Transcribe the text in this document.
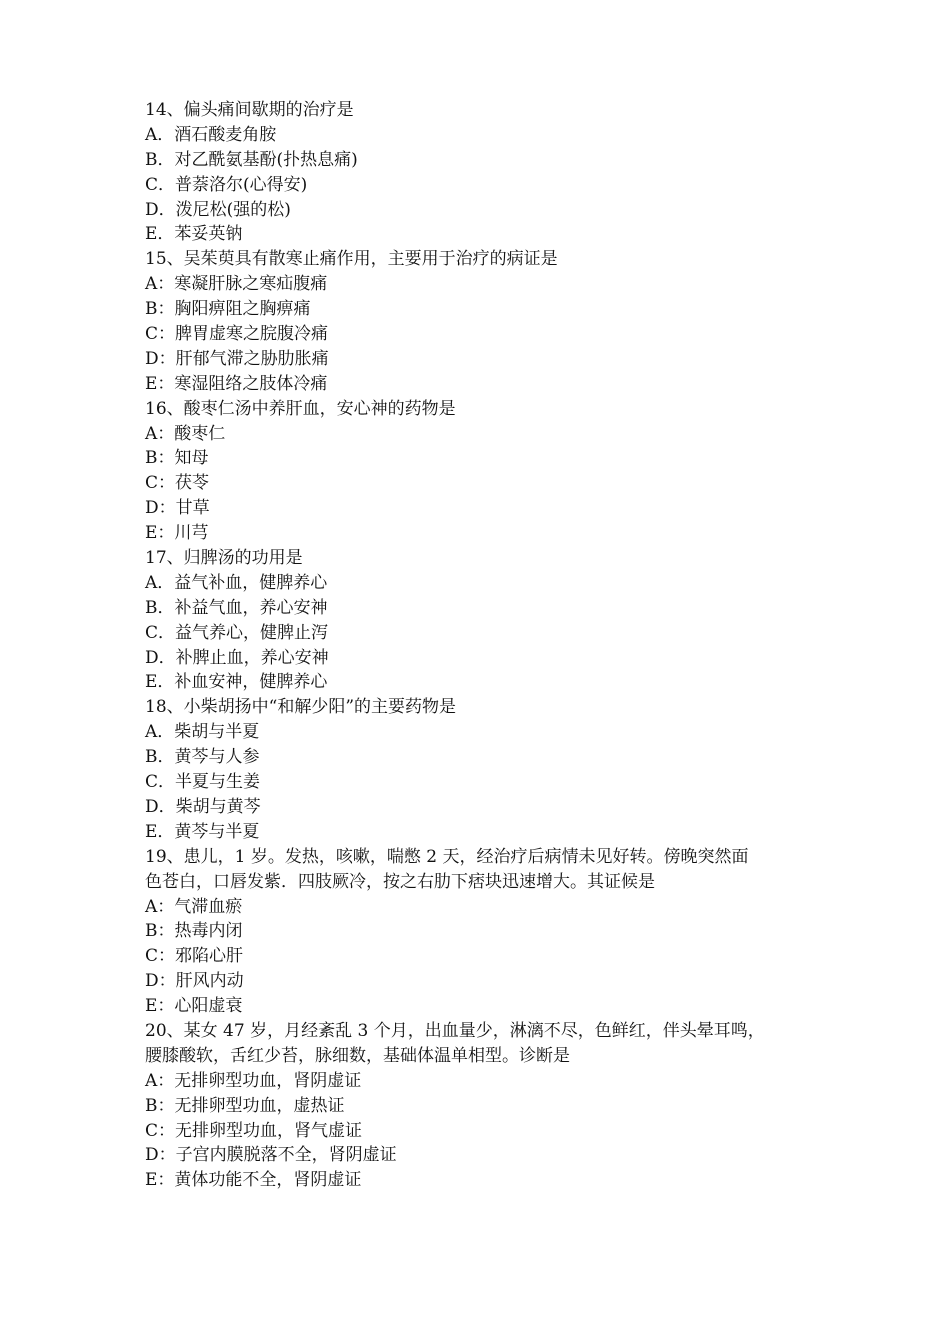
14、偏头痛间歇期的治疗是
A．酒石酸麦角胺
B．对乙酰氨基酚(扑热息痛)
C．普萘洛尔(心得安)
D．泼尼松(强的松)
E．苯妥英钠
15、吴茱萸具有散寒止痛作用，主要用于治疗的病证是
A：寒凝肝脉之寒疝腹痛
B：胸阳痹阻之胸痹痛
C：脾胃虚寒之脘腹冷痛
D：肝郁气滞之胁肋胀痛
E：寒湿阻络之肢体冷痛
16、酸枣仁汤中养肝血，安心神的药物是
A：酸枣仁
B：知母
C：茯苓
D：甘草
E：川芎
17、归脾汤的功用是
A．益气补血，健脾养心
B．补益气血，养心安神
C．益气养心，健脾止泻
D．补脾止血，养心安神
E．补血安神，健脾养心
18、小柴胡扬中“和解少阳”的主要药物是
A．柴胡与半夏
B．黄芩与人参
C．半夏与生姜
D．柴胡与黄芩
E．黄芩与半夏
19、患儿，1 岁。发热，咳嗽，喘憋 2 天，经治疗后病情未见好转。傍晚突然面
色苍白，口唇发紫．四肢厥冷，按之右肋下痞块迅速增大。其证候是
A：气滞血瘀
B：热毒内闭
C：邪陷心肝
D：肝风内动
E：心阳虚衰
20、某女 47 岁，月经紊乱 3 个月，出血量少，淋漓不尽，色鲜红，伴头晕耳鸣，
腰膝酸软，舌红少苔，脉细数，基础体温单相型。诊断是
A：无排卵型功血，肾阴虚证
B：无排卵型功血，虚热证
C：无排卵型功血，肾气虚证
D：子宫内膜脱落不全，肾阴虚证
E：黄体功能不全，肾阴虚证
